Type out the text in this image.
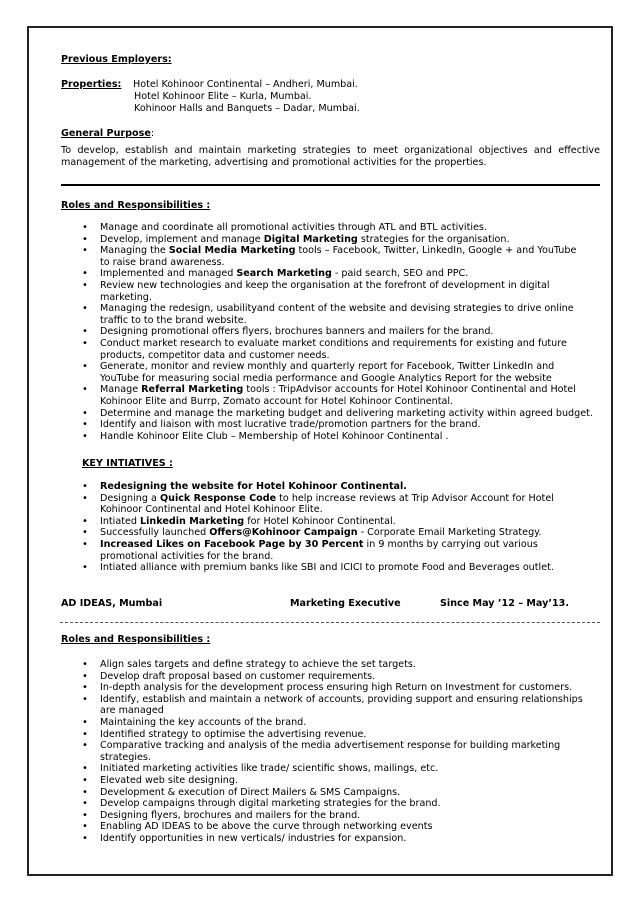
Previous Employers:
Properties: Hotel Kohinoor Continental – Andheri, Mumbai.
Hotel Kohinoor Elite – Kurla, Mumbai.
Kohinoor Halls and Banquets – Dadar, Mumbai.
General Purpose:
To develop, establish and maintain marketing strategies to meet organizational objectives and effective management of the marketing, advertising and promotional activities for the properties.
Roles and Responsibilities :
• Manage and coordinate all promotional activities through ATL and BTL activities.
• Develop, implement and manage Digital Marketing strategies for the organisation.
• Managing the Social Media Marketing tools – Facebook, Twitter, LinkedIn, Google + and YouTube
to raise brand awareness.
• Implemented and managed Search Marketing - paid search, SEO and PPC.
• Review new technologies and keep the organisation at the forefront of development in digital
marketing.
• Managing the redesign, usabilityand content of the website and devising strategies to drive online
traffic to to the brand website.
• Designing promotional offers flyers, brochures banners and mailers for the brand.
• Conduct market research to evaluate market conditions and requirements for existing and future
products, competitor data and customer needs.
• Generate, monitor and review monthly and quarterly report for Facebook, Twitter LinkedIn and
YouTube for measuring social media performance and Google Analytics Report for the website
• Manage Referral Marketing tools : TripAdvisor accounts for Hotel Kohinoor Continental and Hotel
Kohinoor Elite and Burrp, Zomato account for Hotel Kohinoor Continental.
• Determine and manage the marketing budget and delivering marketing activity within agreed budget.
• Identify and liaison with most lucrative trade/promotion partners for the brand.
• Handle Kohinoor Elite Club – Membership of Hotel Kohinoor Continental .
KEY INTIATIVES :
• Redesigning the website for Hotel Kohinoor Continental.
• Designing a Quick Response Code to help increase reviews at Trip Advisor Account for Hotel
Kohinoor Continental and Hotel Kohinoor Elite.
• Intiated Linkedin Marketing for Hotel Kohinoor Continental.
• Successfully launched Offers@Kohinoor Campaign - Corporate Email Marketing Strategy.
• Increased Likes on Facebook Page by 30 Percent in 9 months by carrying out various
promotional activities for the brand.
• Intiated alliance with premium banks like SBI and ICICI to promote Food and Beverages outlet.
AD IDEAS, Mumbai	Marketing Executive	Since May ’12 – May’13.
Roles and Responsibilities :
• Align sales targets and define strategy to achieve the set targets.
• Develop draft proposal based on customer requirements.
• In-depth analysis for the development process ensuring high Return on Investment for customers.
• Identify, establish and maintain a network of accounts, providing support and ensuring relationships
are managed
• Maintaining the key accounts of the brand.
• Identified strategy to optimise the advertising revenue.
• Comparative tracking and analysis of the media advertisement response for building marketing
strategies.
• Initiated marketing activities like trade/ scientific shows, mailings, etc.
• Elevated web site designing.
• Development & execution of Direct Mailers & SMS Campaigns.
• Develop campaigns through digital marketing strategies for the brand.
• Designing flyers, brochures and mailers for the brand.
• Enabling AD IDEAS to be above the curve through networking events
• Identify opportunities in new verticals/ industries for expansion.
